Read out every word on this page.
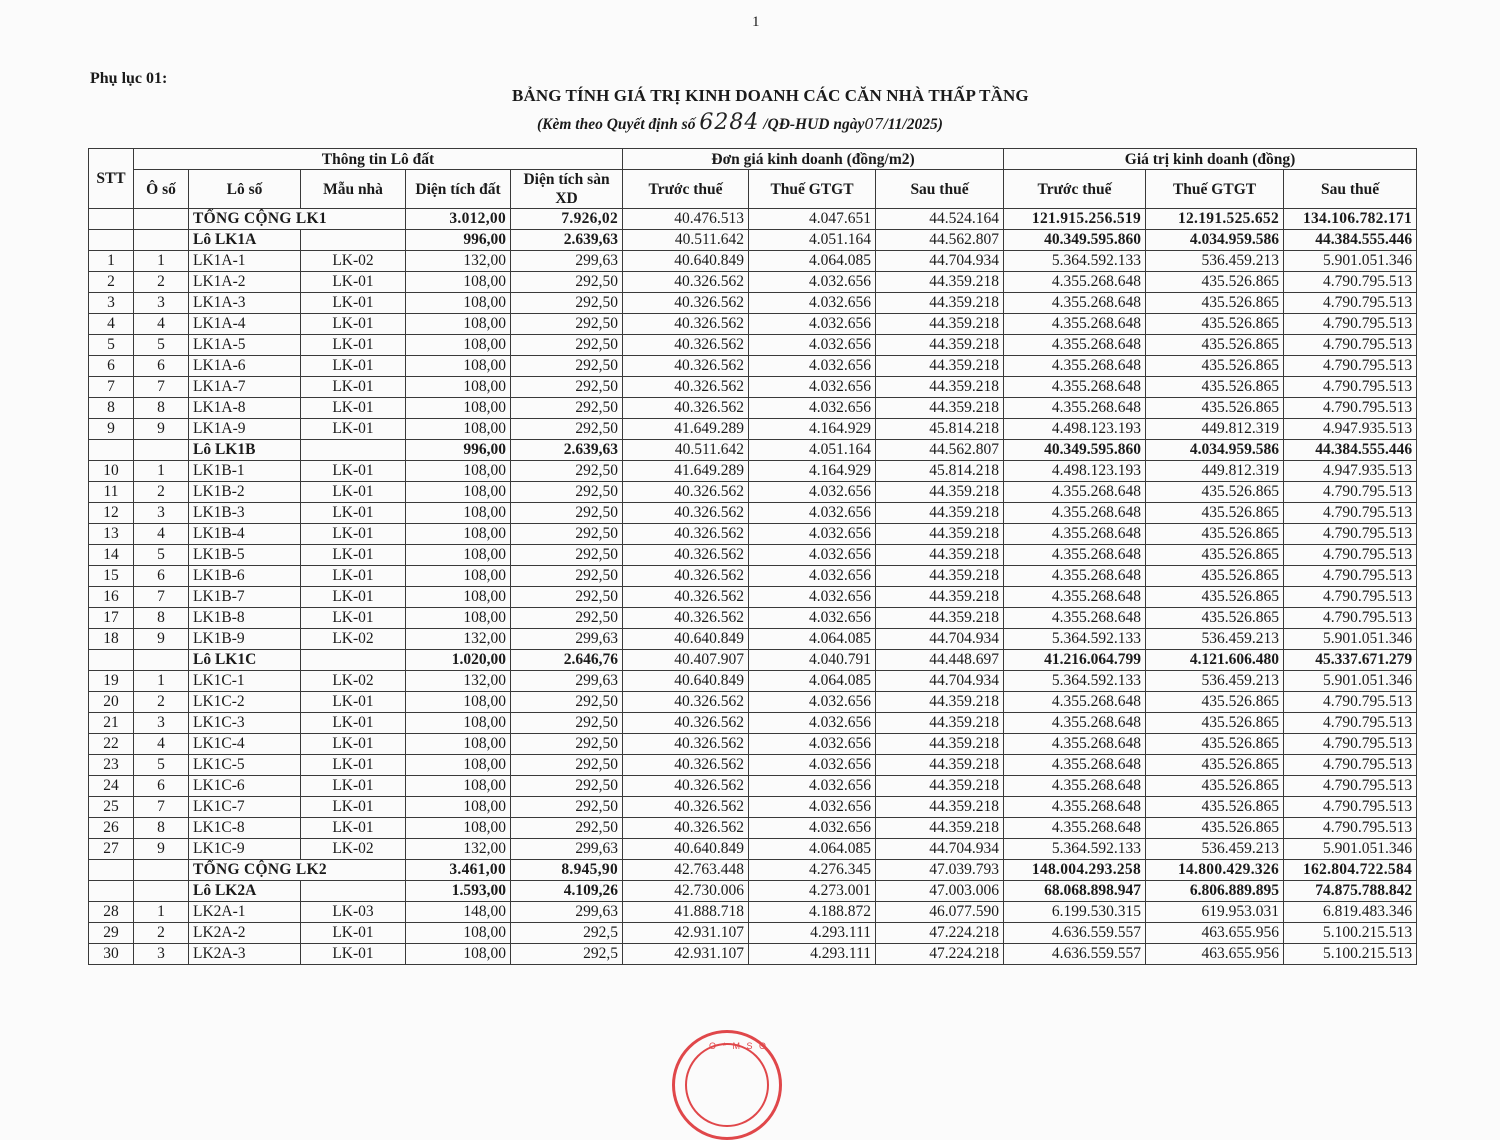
1
Phụ lục 01:
BẢNG TÍNH GIÁ TRỊ KINH DOANH CÁC CĂN NHÀ THẤP TẦNG
(Kèm theo Quyết định số 6284 /QĐ-HUD ngày07/11/2025)
STT	Thông tin Lô đất					Đơn giá kinh doanh (đồng/m2)			Giá trị kinh doanh (đồng)		
	Ô số	Lô số	Mẫu nhà	Diện tích đất	Diện tích sàn XD	Trước thuế	Thuế GTGT	Sau thuế	Trước thuế	Thuế GTGT	Sau thuế
		TỔNG CỘNG LK1		3.012,00	7.926,02	40.476.513	4.047.651	44.524.164	121.915.256.519	12.191.525.652	134.106.782.171
		Lô LK1A		996,00	2.639,63	40.511.642	4.051.164	44.562.807	40.349.595.860	4.034.959.586	44.384.555.446
1	1	LK1A-1	LK-02	132,00	299,63	40.640.849	4.064.085	44.704.934	5.364.592.133	536.459.213	5.901.051.346
2	2	LK1A-2	LK-01	108,00	292,50	40.326.562	4.032.656	44.359.218	4.355.268.648	435.526.865	4.790.795.513
3	3	LK1A-3	LK-01	108,00	292,50	40.326.562	4.032.656	44.359.218	4.355.268.648	435.526.865	4.790.795.513
4	4	LK1A-4	LK-01	108,00	292,50	40.326.562	4.032.656	44.359.218	4.355.268.648	435.526.865	4.790.795.513
5	5	LK1A-5	LK-01	108,00	292,50	40.326.562	4.032.656	44.359.218	4.355.268.648	435.526.865	4.790.795.513
6	6	LK1A-6	LK-01	108,00	292,50	40.326.562	4.032.656	44.359.218	4.355.268.648	435.526.865	4.790.795.513
7	7	LK1A-7	LK-01	108,00	292,50	40.326.562	4.032.656	44.359.218	4.355.268.648	435.526.865	4.790.795.513
8	8	LK1A-8	LK-01	108,00	292,50	40.326.562	4.032.656	44.359.218	4.355.268.648	435.526.865	4.790.795.513
9	9	LK1A-9	LK-01	108,00	292,50	41.649.289	4.164.929	45.814.218	4.498.123.193	449.812.319	4.947.935.513
		Lô LK1B		996,00	2.639,63	40.511.642	4.051.164	44.562.807	40.349.595.860	4.034.959.586	44.384.555.446
10	1	LK1B-1	LK-01	108,00	292,50	41.649.289	4.164.929	45.814.218	4.498.123.193	449.812.319	4.947.935.513
11	2	LK1B-2	LK-01	108,00	292,50	40.326.562	4.032.656	44.359.218	4.355.268.648	435.526.865	4.790.795.513
12	3	LK1B-3	LK-01	108,00	292,50	40.326.562	4.032.656	44.359.218	4.355.268.648	435.526.865	4.790.795.513
13	4	LK1B-4	LK-01	108,00	292,50	40.326.562	4.032.656	44.359.218	4.355.268.648	435.526.865	4.790.795.513
14	5	LK1B-5	LK-01	108,00	292,50	40.326.562	4.032.656	44.359.218	4.355.268.648	435.526.865	4.790.795.513
15	6	LK1B-6	LK-01	108,00	292,50	40.326.562	4.032.656	44.359.218	4.355.268.648	435.526.865	4.790.795.513
16	7	LK1B-7	LK-01	108,00	292,50	40.326.562	4.032.656	44.359.218	4.355.268.648	435.526.865	4.790.795.513
17	8	LK1B-8	LK-01	108,00	292,50	40.326.562	4.032.656	44.359.218	4.355.268.648	435.526.865	4.790.795.513
18	9	LK1B-9	LK-02	132,00	299,63	40.640.849	4.064.085	44.704.934	5.364.592.133	536.459.213	5.901.051.346
		Lô LK1C		1.020,00	2.646,76	40.407.907	4.040.791	44.448.697	41.216.064.799	4.121.606.480	45.337.671.279
19	1	LK1C-1	LK-02	132,00	299,63	40.640.849	4.064.085	44.704.934	5.364.592.133	536.459.213	5.901.051.346
20	2	LK1C-2	LK-01	108,00	292,50	40.326.562	4.032.656	44.359.218	4.355.268.648	435.526.865	4.790.795.513
21	3	LK1C-3	LK-01	108,00	292,50	40.326.562	4.032.656	44.359.218	4.355.268.648	435.526.865	4.790.795.513
22	4	LK1C-4	LK-01	108,00	292,50	40.326.562	4.032.656	44.359.218	4.355.268.648	435.526.865	4.790.795.513
23	5	LK1C-5	LK-01	108,00	292,50	40.326.562	4.032.656	44.359.218	4.355.268.648	435.526.865	4.790.795.513
24	6	LK1C-6	LK-01	108,00	292,50	40.326.562	4.032.656	44.359.218	4.355.268.648	435.526.865	4.790.795.513
25	7	LK1C-7	LK-01	108,00	292,50	40.326.562	4.032.656	44.359.218	4.355.268.648	435.526.865	4.790.795.513
26	8	LK1C-8	LK-01	108,00	292,50	40.326.562	4.032.656	44.359.218	4.355.268.648	435.526.865	4.790.795.513
27	9	LK1C-9	LK-02	132,00	299,63	40.640.849	4.064.085	44.704.934	5.364.592.133	536.459.213	5.901.051.346
		TỔNG CỘNG LK2		3.461,00	8.945,90	42.763.448	4.276.345	47.039.793	148.004.293.258	14.800.429.326	162.804.722.584
		Lô LK2A		1.593,00	4.109,26	42.730.006	4.273.001	47.003.006	68.068.898.947	6.806.889.895	74.875.788.842
28	1	LK2A-1	LK-03	148,00	299,63	41.888.718	4.188.872	46.077.590	6.199.530.315	619.953.031	6.819.483.346
29	2	LK2A-2	LK-01	108,00	292,5	42.931.107	4.293.111	47.224.218	4.636.559.557	463.655.956	5.100.215.513
30	3	LK2A-3	LK-01	108,00	292,5	42.931.107	4.293.111	47.224.218	4.636.559.557	463.655.956	5.100.215.513
O * M S O
